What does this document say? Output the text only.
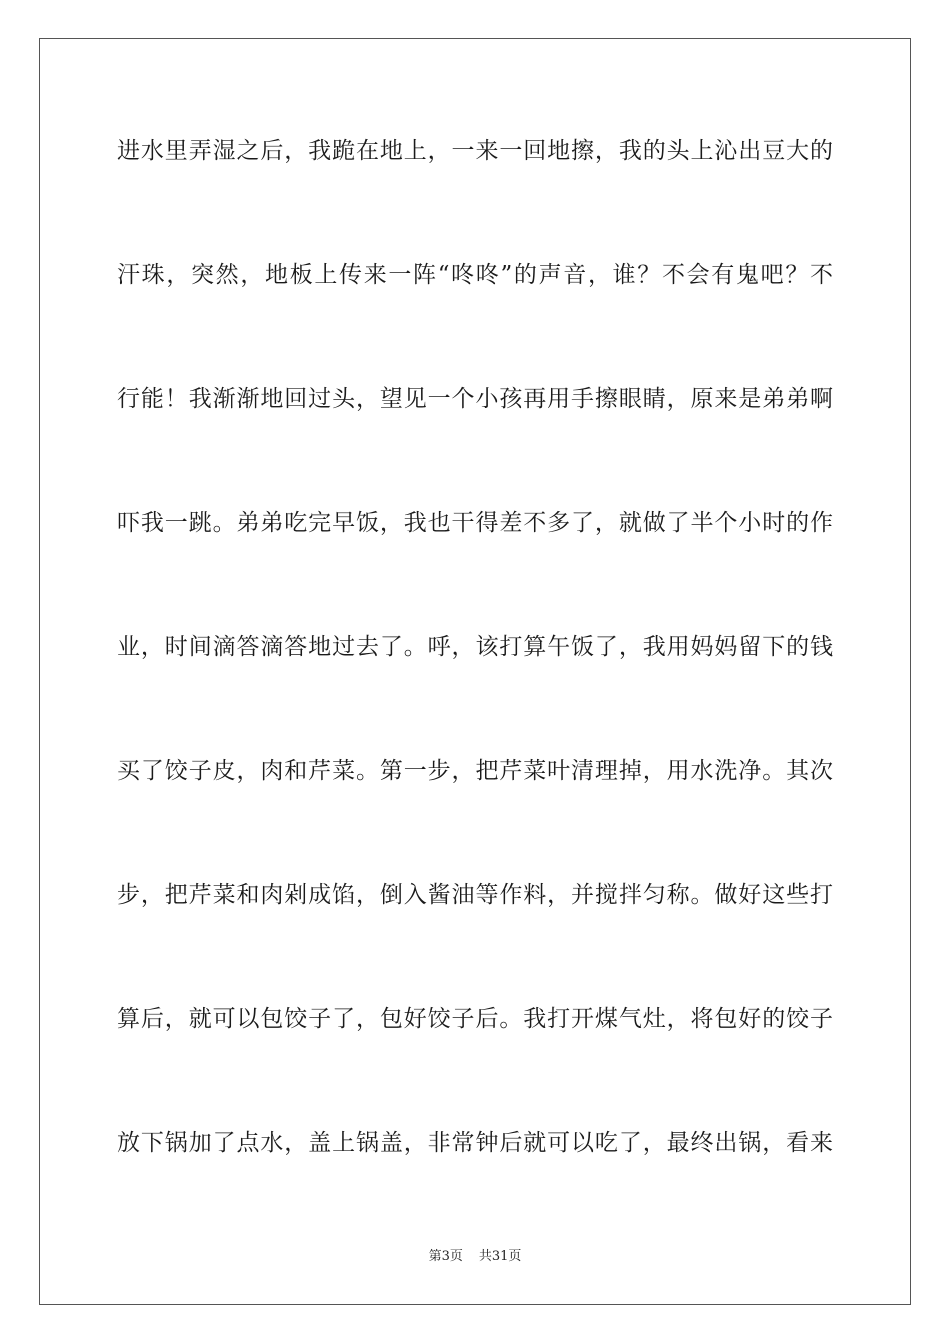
进水里弄湿之后，我跪在地上，一来一回地擦，我的头上沁出豆大的
汗珠，突然，地板上传来一阵“咚咚”的声音，谁？不会有鬼吧？不
行能！我渐渐地回过头，望见一个小孩再用手擦眼睛，原来是弟弟啊
吓我一跳。弟弟吃完早饭，我也干得差不多了，就做了半个小时的作
业，时间滴答滴答地过去了。呼，该打算午饭了，我用妈妈留下的钱
买了饺子皮，肉和芹菜。第一步，把芹菜叶清理掉，用水洗净。其次
步，把芹菜和肉剁成馅，倒入酱油等作料，并搅拌匀称。做好这些打
算后，就可以包饺子了，包好饺子后。我打开煤气灶，将包好的饺子
放下锅加了点水，盖上锅盖，非常钟后就可以吃了，最终出锅，看来
第3页 共31页
